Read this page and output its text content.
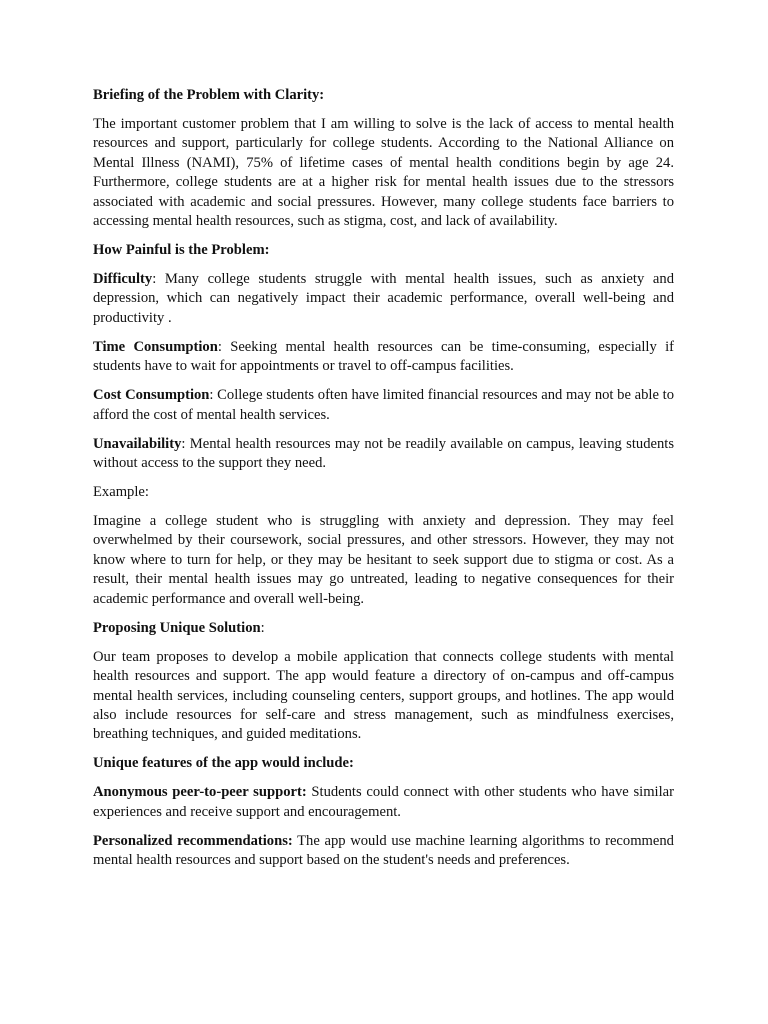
Briefing of the Problem with Clarity:

The important customer problem that I am willing to solve is the lack of access to mental health resources and support, particularly for college students. According to the National Alliance on Mental Illness (NAMI), 75% of lifetime cases of mental health conditions begin by age 24. Furthermore, college students are at a higher risk for mental health issues due to the stressors associated with academic and social pressures. However, many college students face barriers to accessing mental health resources, such as stigma, cost, and lack of availability.

How Painful is the Problem:

Difficulty: Many college students struggle with mental health issues, such as anxiety and depression, which can negatively impact their academic performance, overall well-being and productivity .

Time Consumption: Seeking mental health resources can be time-consuming, especially if students have to wait for appointments or travel to off-campus facilities.

Cost Consumption: College students often have limited financial resources and may not be able to afford the cost of mental health services.

Unavailability: Mental health resources may not be readily available on campus, leaving students without access to the support they need.

Example:

Imagine a college student who is struggling with anxiety and depression. They may feel overwhelmed by their coursework, social pressures, and other stressors. However, they may not know where to turn for help, or they may be hesitant to seek support due to stigma or cost. As a result, their mental health issues may go untreated, leading to negative consequences for their academic performance and overall well-being.

Proposing Unique Solution:

Our team proposes to develop a mobile application that connects college students with mental health resources and support. The app would feature a directory of on-campus and off-campus mental health services, including counseling centers, support groups, and hotlines. The app would also include resources for self-care and stress management, such as mindfulness exercises, breathing techniques, and guided meditations.

Unique features of the app would include:

Anonymous peer-to-peer support: Students could connect with other students who have similar experiences and receive support and encouragement.

Personalized recommendations: The app would use machine learning algorithms to recommend mental health resources and support based on the student's needs and preferences.
